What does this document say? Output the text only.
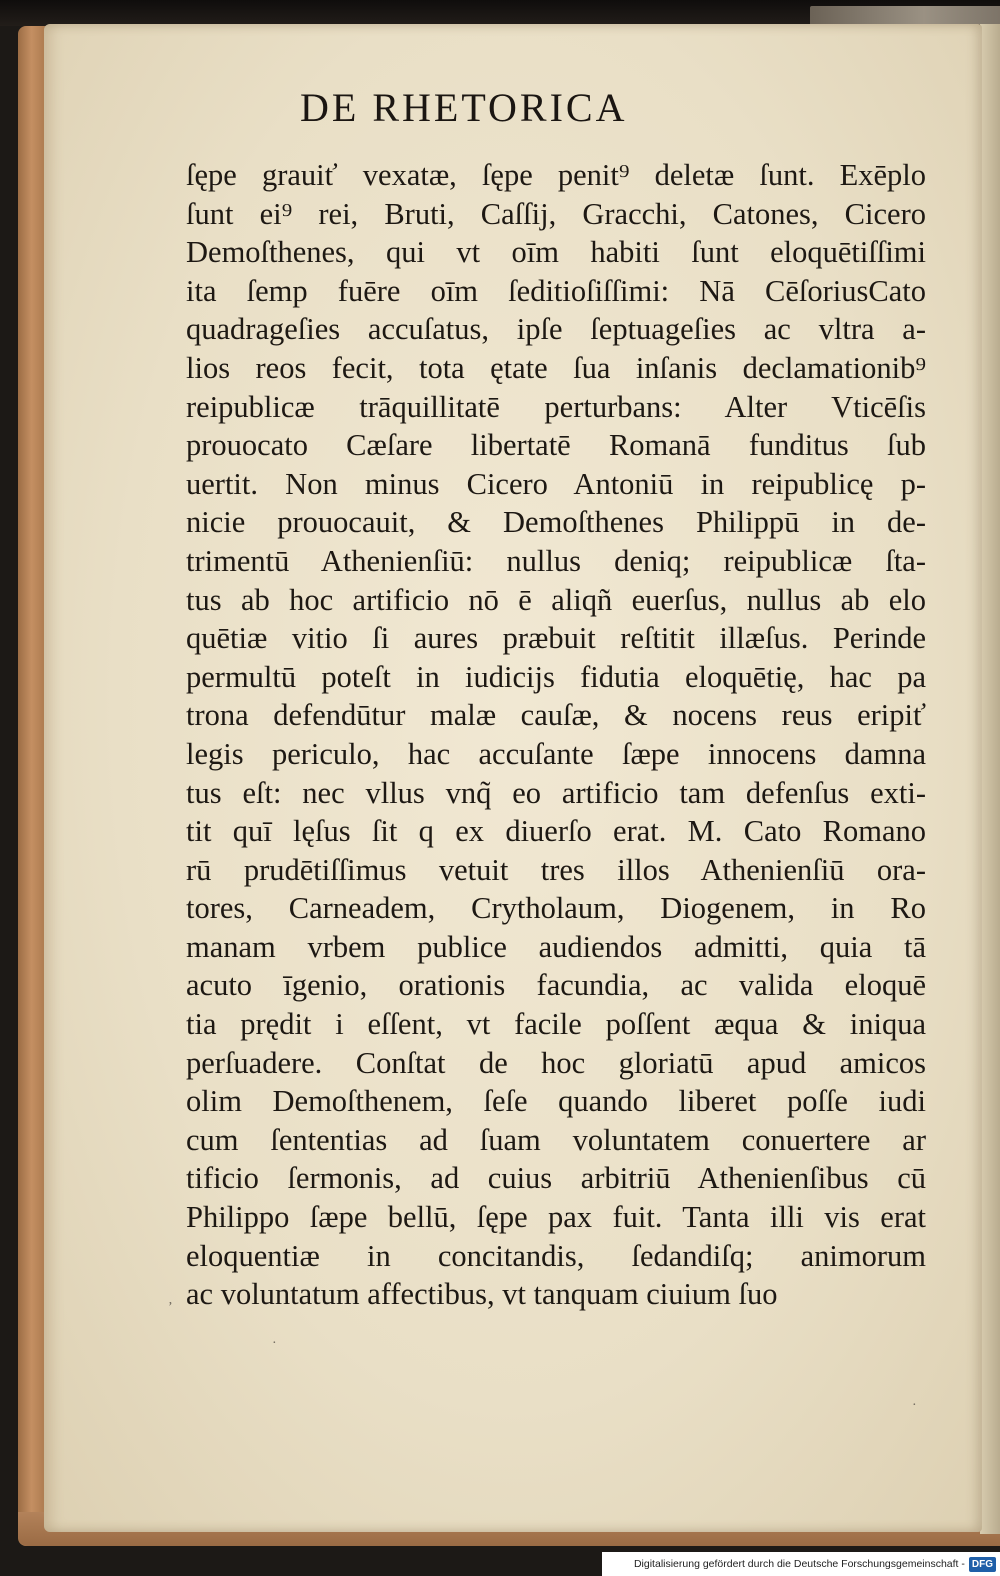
DE RHETORICA
ſępe grauiť vexatæ, ſępe penit⁹ deletæ ſunt. Exēplo
ſunt ei⁹ rei, Bruti, Caſſij, Gracchi, Catones, Cicero
Demoſthenes, qui vt oīm habiti ſunt eloquētiſſimi
ita ſemp fuēre oīm ſeditioſiſſimi: Nā CēſoriusCato
quadrageſies accuſatus, ipſe ſeptuageſies ac vltra a-
lios reos fecit, tota ętate ſua inſanis declamationib⁹
reipublicæ trāquillitatē perturbans: Alter Vticēſis
prouocato Cæſare libertatē Romanā funditus ſub
uertit. Non minus Cicero Antoniū in reipublicę p-
nicie prouocauit, & Demoſthenes Philippū in de-
trimentū Athenienſiū: nullus deniq; reipublicæ ſta-
tus ab hoc artificio nō ē aliqñ euerſus, nullus ab elo
quētiæ vitio ſi aures præbuit reſtitit illæſus. Perinde
permultū poteſt in iudicijs fidutia eloquētię, hac pa
trona defendūtur malæ cauſæ, & nocens reus eripiť
legis periculo, hac accuſante ſæpe innocens damna
tus eſt: nec vllus vnq̃ eo artificio tam defenſus exti-
tit quī lęſus ſit q ex diuerſo erat. M. Cato Romano
rū prudētiſſimus vetuit tres illos Athenienſiū ora-
tores, Carneadem, Crytholaum, Diogenem, in Ro
manam vrbem publice audiendos admitti, quia tā
acuto īgenio, orationis facundia, ac valida eloquē
tia prędit i eſſent, vt facile poſſent æqua & iniqua
perſuadere. Conſtat de hoc gloriatū apud amicos
olim Demoſthenem, ſeſe quando liberet poſſe iudi
cum ſententias ad ſuam voluntatem conuertere ar
tificio ſermonis, ad cuius arbitriū Athenienſibus cū
Philippo ſæpe bellū, ſępe pax fuit. Tanta illi vis erat
eloquentiæ in concitandis, ſedandiſq; animorum
ac voluntatum affectibus, vt tanquam ciuium ſuo
ʼ
·
·
Digitalisierung gefördert durch die Deutsche Forschungsgemeinschaft - DFG
